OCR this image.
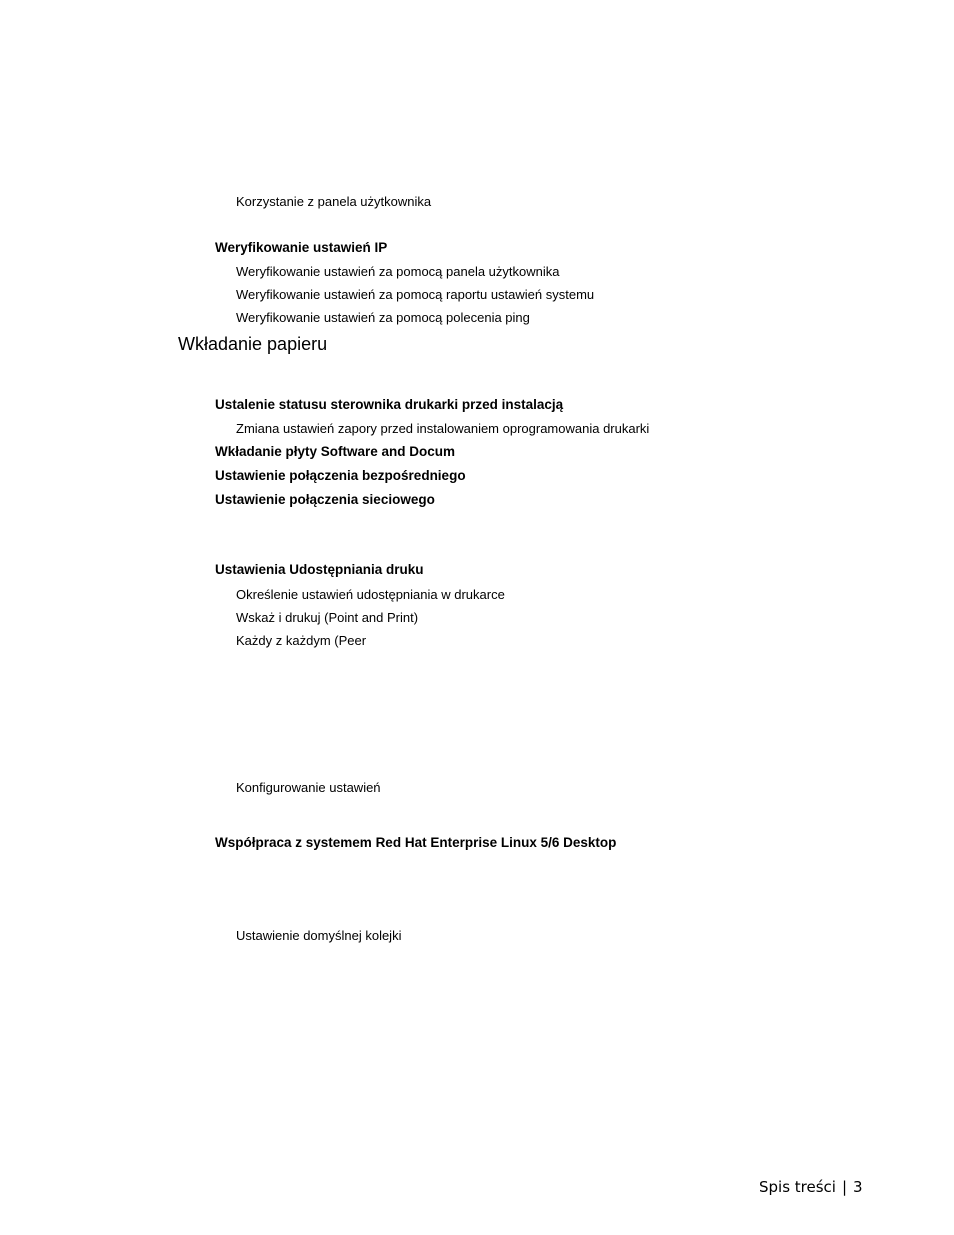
Korzystanie z panela użytkownika
Weryfikowanie ustawień IP
Weryfikowanie ustawień za pomocą panela użytkownika
Weryfikowanie ustawień za pomocą raportu ustawień systemu
Weryfikowanie ustawień za pomocą polecenia ping
Wkładanie papieru
Ustalenie statusu sterownika drukarki przed instalacją
Zmiana ustawień zapory przed instalowaniem oprogramowania drukarki
Wkładanie płyty Software and Docum
Ustawienie połączenia bezpośredniego
Ustawienie połączenia sieciowego
Ustawienia Udostępniania druku
Określenie ustawień udostępniania w drukarce
Wskaż i drukuj (Point and Print)
Każdy z każdym (Peer
Konfigurowanie ustawień
Współpraca z systemem Red Hat Enterprise Linux 5/6 Desktop
Ustawienie domyślnej kolejki
Spis treści | 3
